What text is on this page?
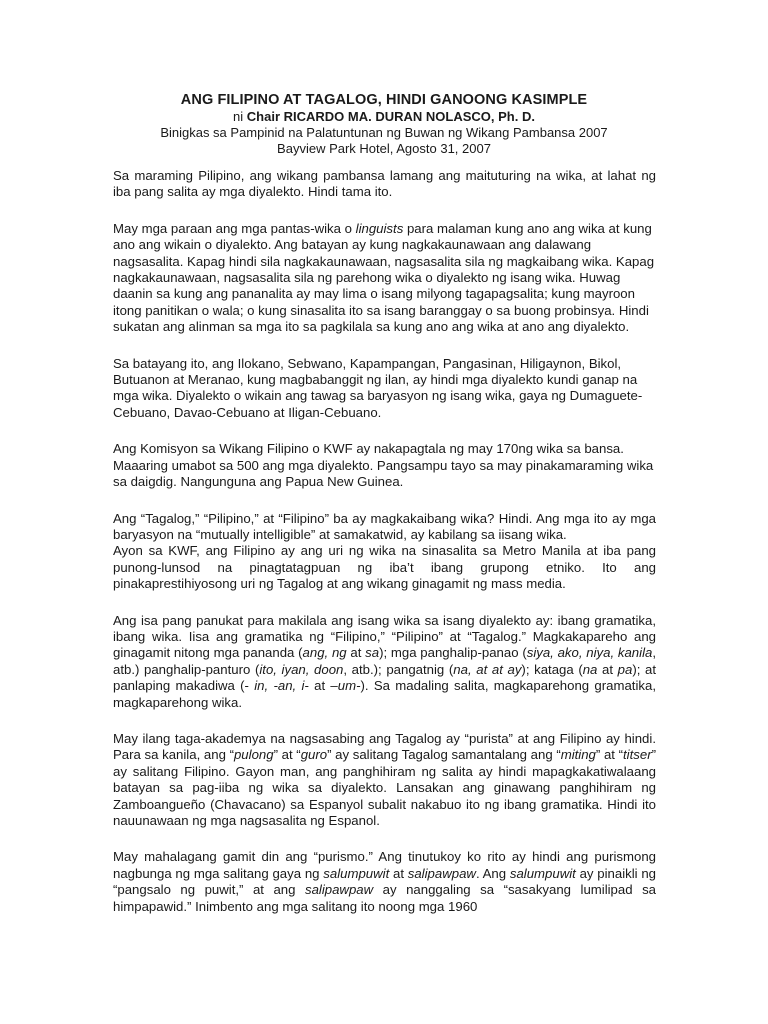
ANG FILIPINO AT TAGALOG, HINDI GANOONG KASIMPLE
ni Chair RICARDO MA. DURAN NOLASCO, Ph. D.
Binigkas sa Pampinid na Palatuntunan ng Buwan ng Wikang Pambansa 2007
Bayview Park Hotel, Agosto 31, 2007

Sa maraming Pilipino, ang wikang pambansa lamang ang maituturing na wika, at lahat ng iba pang salita ay mga diyalekto. Hindi tama ito.

May mga paraan ang mga pantas-wika o linguists para malaman kung ano ang wika at kung ano ang wikain o diyalekto. Ang batayan ay kung nagkakaunawaan ang dalawang nagsasalita. Kapag hindi sila nagkakaunawaan, nagsasalita sila ng magkaibang wika. Kapag nagkakaunawaan, nagsasalita sila ng parehong wika o diyalekto ng isang wika. Huwag daanin sa kung ang pananalita ay may lima o isang milyong tagapagsalita; kung mayroon itong panitikan o wala; o kung sinasalita ito sa isang baranggay o sa buong probinsya. Hindi sukatan ang alinman sa mga ito sa pagkilala sa kung ano ang wika at ano ang diyalekto.

Sa batayang ito, ang Ilokano, Sebwano, Kapampangan, Pangasinan, Hiligaynon, Bikol, Butuanon at Meranao, kung magbabanggit ng ilan, ay hindi mga diyalekto kundi ganap na mga wika. Diyalekto o wikain ang tawag sa baryasyon ng isang wika, gaya ng Dumaguete-Cebuano, Davao-Cebuano at Iligan-Cebuano.

Ang Komisyon sa Wikang Filipino o KWF ay nakapagtala ng may 170ng wika sa bansa. Maaaring umabot sa 500 ang mga diyalekto. Pangsampu tayo sa may pinakamaraming wika sa daigdig. Nangunguna ang Papua New Guinea.

Ang “Tagalog,” “Pilipino,” at “Filipino” ba ay magkakaibang wika? Hindi. Ang mga ito ay mga baryasyon na “mutually intelligible” at samakatwid, ay kabilang sa iisang wika.

Ayon sa KWF, ang Filipino ay ang uri ng wika na sinasalita sa Metro Manila at iba pang punong-lunsod na pinagtatagpuan ng iba’t ibang grupong etniko. Ito ang pinakaprestihiyosong uri ng Tagalog at ang wikang ginagamit ng mass media.

Ang isa pang panukat para makilala ang isang wika sa isang diyalekto ay: ibang gramatika, ibang wika. Iisa ang gramatika ng “Filipino,” “Pilipino” at “Tagalog.” Magkakapareho ang ginagamit nitong mga pananda (ang, ng at sa); mga panghalip-panao (siya, ako, niya, kanila, atb.) panghalip-panturo (ito, iyan, doon, atb.); pangatnig (na, at at ay); kataga (na at pa); at panlaping makadiwa (- in, -an, i- at –um-). Sa madaling salita, magkaparehong gramatika, magkaparehong wika.

May ilang taga-akademya na nagsasabing ang Tagalog ay “purista” at ang Filipino ay hindi. Para sa kanila, ang “pulong” at “guro” ay salitang Tagalog samantalang ang “miting” at “titser” ay salitang Filipino. Gayon man, ang panghihiram ng salita ay hindi mapagkakatiwalaang batayan sa pag-iiba ng wika sa diyalekto. Lansakan ang ginawang panghihiram ng Zamboangueño (Chavacano) sa Espanyol subalit nakabuo ito ng ibang gramatika. Hindi ito nauunawaan ng mga nagsasalita ng Espanol.

May mahalagang gamit din ang “purismo.” Ang tinutukoy ko rito ay hindi ang purismong nagbunga ng mga salitang gaya ng salumpuwit at salipawpaw. Ang salumpuwit ay pinaikli ng “pangsalo ng puwit,” at ang salipawpaw ay nanggaling sa “sasakyang lumilipad sa himpapawid.” Inimbento ang mga salitang ito noong mga 1960
